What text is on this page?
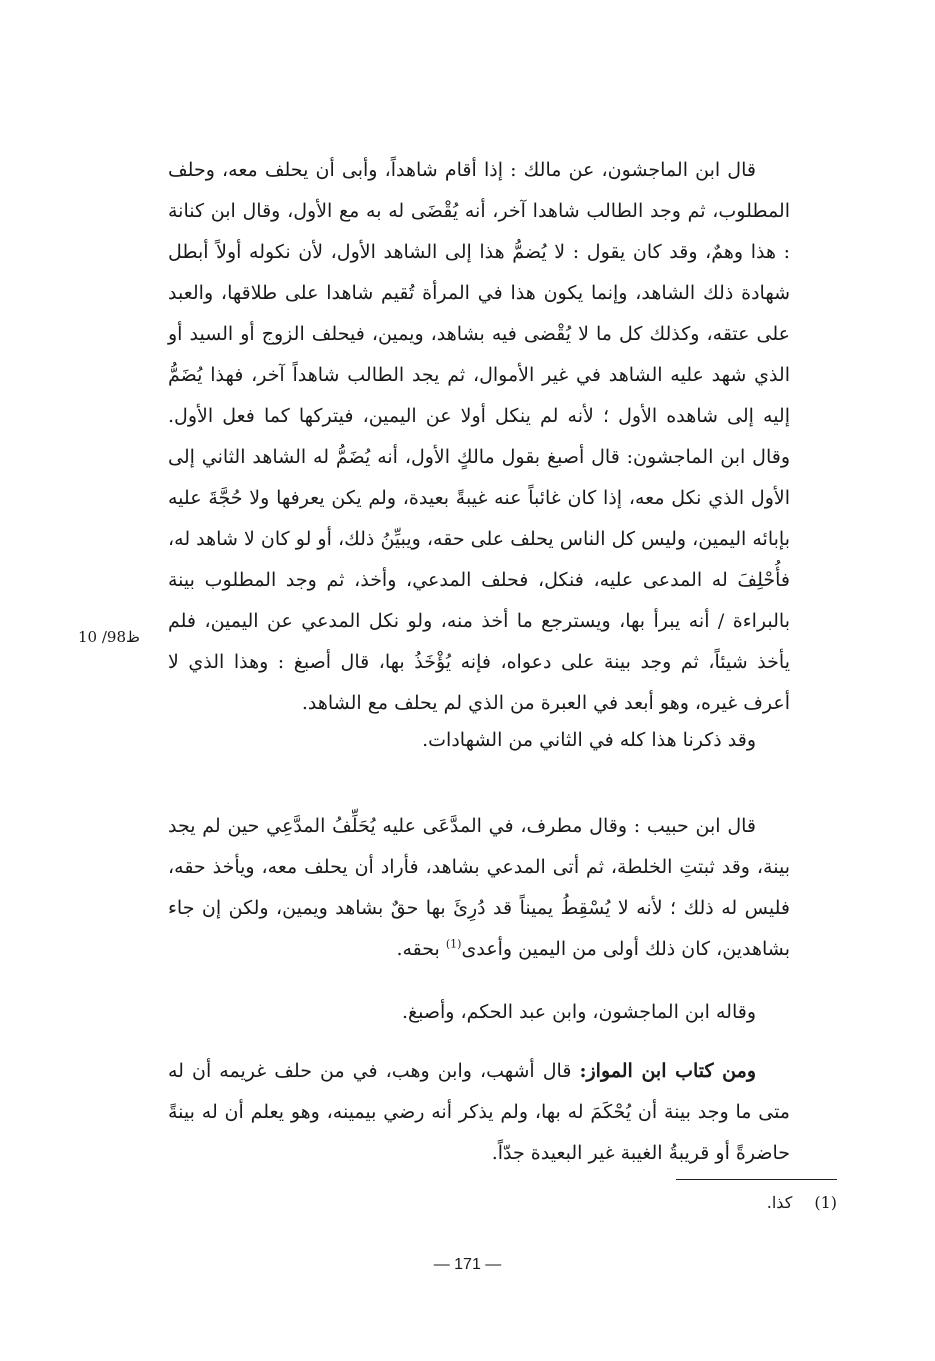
قال ابن الماجشون، عن مالك : إذا أقام شاهداً، وأبى أن يحلف معه، وحلف المطلوب، ثم وجد الطالب شاهدا آخر، أنه يُقْضَى له به مع الأول، وقال ابن كنانة : هذا وهمٌ، وقد كان يقول : لا يُضمُّ هذا إلى الشاهد الأول، لأن نكوله أولاً أبطل شهادة ذلك الشاهد، وإنما يكون هذا في المرأة تُقيم شاهدا على طلاقها، والعبد على عتقه، وكذلك كل ما لا يُقْضى فيه بشاهد، ويمين، فيحلف الزوج أو السيد أو الذي شهد عليه الشاهد في غير الأموال، ثم يجد الطالب شاهداً آخر، فهذا يُضَمُّ إليه إلى شاهده الأول ؛ لأنه لم ينكل أولا عن اليمين، فيتركها كما فعل الأول. وقال ابن الماجشون: قال أصبغ بقول مالكٍ الأول، أنه يُضَمُّ له الشاهد الثاني إلى الأول الذي نكل معه، إذا كان غائباً عنه غيبةً بعيدة، ولم يكن يعرفها ولا حُجَّةَ عليه بإبائه اليمين، وليس كل الناس يحلف على حقه، ويبيِّنُ ذلك، أو لو كان لا شاهد له، فأُحْلِفَ له المدعى عليه، فنكل، فحلف المدعي، وأخذ، ثم وجد المطلوب بينة بالبراءة / أنه يبرأ بها، ويسترجع ما أخذ منه، ولو نكل المدعي عن اليمين، فلم يأخذ شيئاً، ثم وجد بينة على دعواه، فإنه يُؤْخَذُ بها، قال أصبغ : وهذا الذي لا أعرف غيره، وهو أبعد في العبرة من الذي لم يحلف مع الشاهد.

10 /98ظ

وقد ذكرنا هذا كله في الثاني من الشهادات.

قال ابن حبيب : وقال مطرف، في المدَّعَى عليه يُحَلِّفُ المدَّعِي حين لم يجد بينة، وقد ثبتتِ الخلطة، ثم أتى المدعي بشاهد، فأراد أن يحلف معه، ويأخذ حقه، فليس له ذلك ؛ لأنه لا يُسْقِطُ يميناً قد دُرِئَ بها حقٌ بشاهد ويمين، ولكن إن جاء بشاهدين، كان ذلك أولى من اليمين وأعدى$^{(1)}$ بحقه.

وقاله ابن الماجشون، وابن عبد الحكم، وأصبغ.

ومن كتاب ابن المواز: قال أشهب، وابن وهب، في من حلف غريمه أن له متى ما وجد بينة أن يُحْكَمَ له بها، ولم يذكر أنه رضي بيمينه، وهو يعلم أن له بينةً حاضرةً أو قريبةُ الغيبة غير البعيدة جدّاً.

(1)كذا.
— 171 —
